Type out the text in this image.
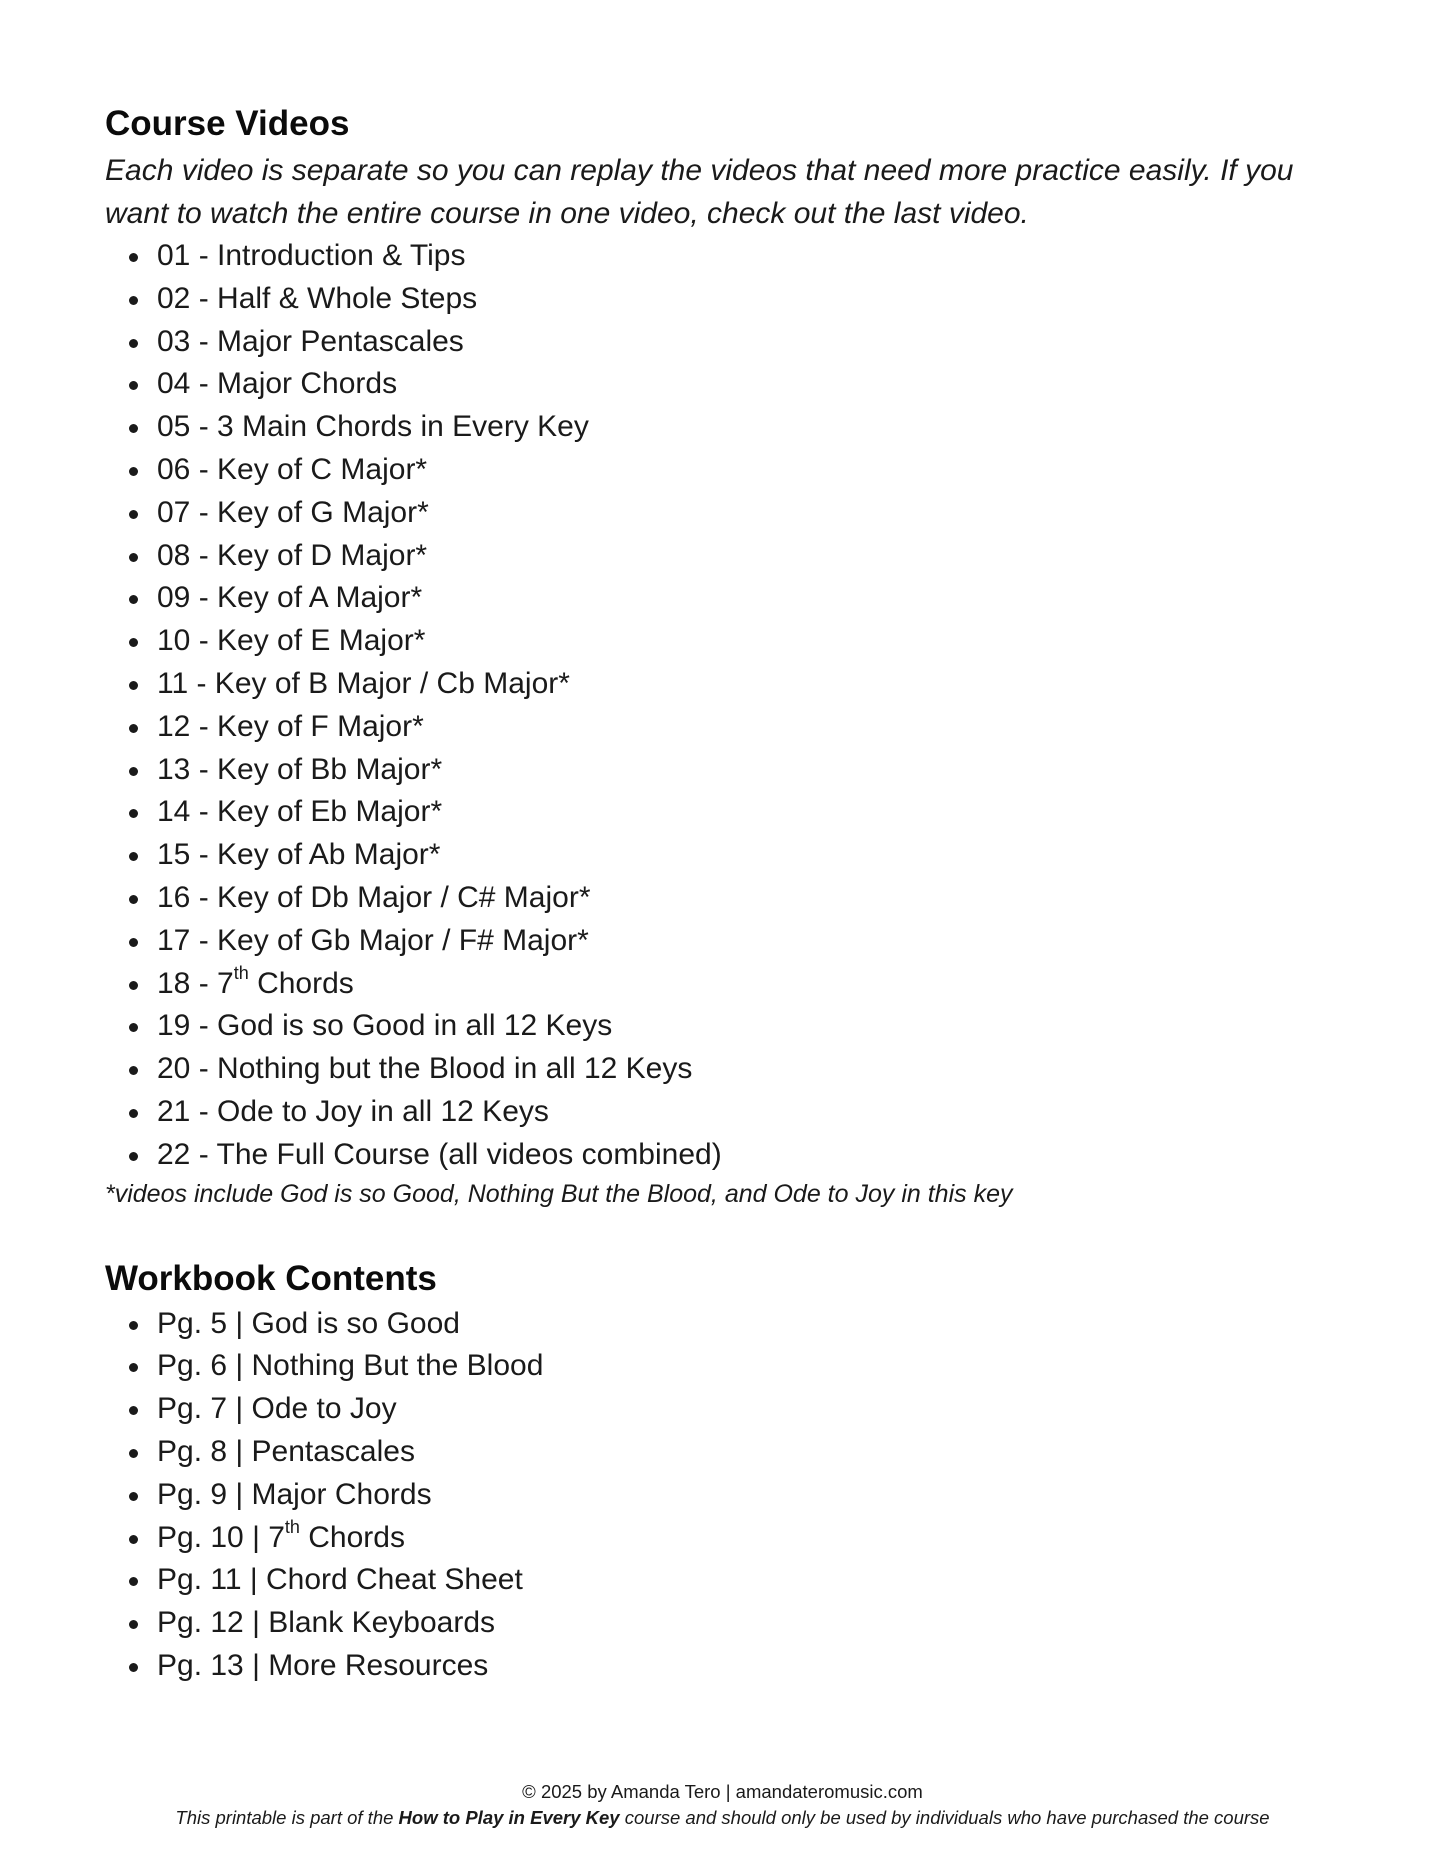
Course Videos

Each video is separate so you can replay the videos that need more practice easily. If you want to watch the entire course in one video, check out the last video.

01 - Introduction & Tips
02 - Half & Whole Steps
03 - Major Pentascales
04 - Major Chords
05 - 3 Main Chords in Every Key
06 - Key of C Major*
07 - Key of G Major*
08 - Key of D Major*
09 - Key of A Major*
10 - Key of E Major*
11 - Key of B Major / Cb Major*
12 - Key of F Major*
13 - Key of Bb Major*
14 - Key of Eb Major*
15 - Key of Ab Major*
16 - Key of Db Major / C# Major*
17 - Key of Gb Major / F# Major*
18 - 7th Chords
19 - God is so Good in all 12 Keys
20 - Nothing but the Blood in all 12 Keys
21 - Ode to Joy in all 12 Keys
22 - The Full Course (all videos combined)

*videos include God is so Good, Nothing But the Blood, and Ode to Joy in this key

Workbook Contents
Pg. 5 | God is so Good
Pg. 6 | Nothing But the Blood
Pg. 7 | Ode to Joy
Pg. 8 | Pentascales
Pg. 9 | Major Chords
Pg. 10 | 7th Chords
Pg. 11 | Chord Cheat Sheet
Pg. 12 | Blank Keyboards
Pg. 13 | More Resources
© 2025 by Amanda Tero | amandateromusic.com
This printable is part of the How to Play in Every Key course and should only be used by individuals who have purchased the course
